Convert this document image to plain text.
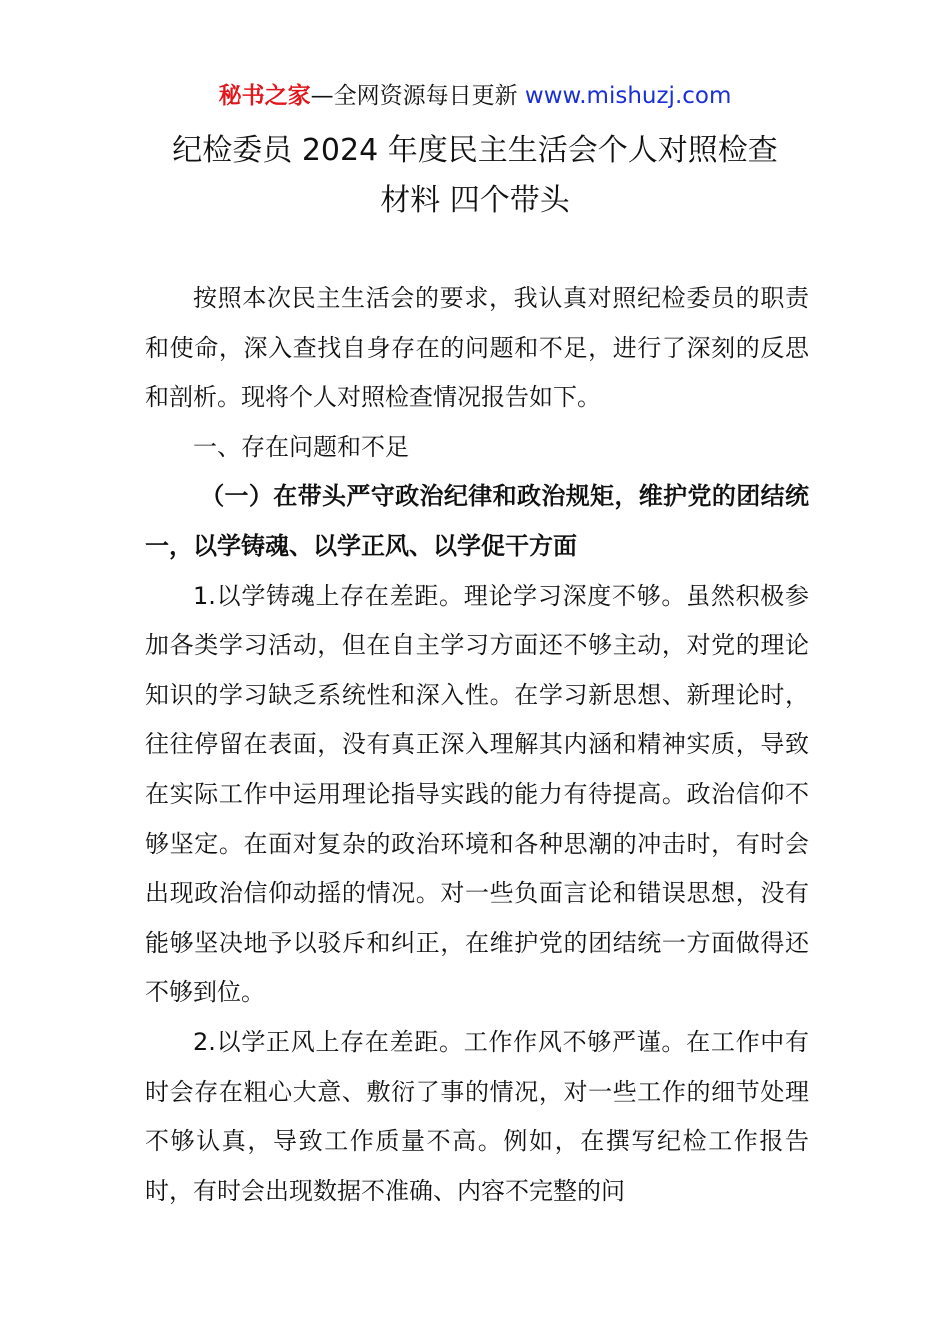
秘书之家—全网资源每日更新 www.mishuzj.com
纪检委员 2024 年度民主生活会个人对照检查
材料 四个带头

按照本次民主生活会的要求，我认真对照纪检委员的职责和使命，深入查找自身存在的问题和不足，进行了深刻的反思和剖析。现将个人对照检查情况报告如下。

一、存在问题和不足

（一）在带头严守政治纪律和政治规矩，维护党的团结统一，以学铸魂、以学正风、以学促干方面

1.以学铸魂上存在差距。理论学习深度不够。虽然积极参加各类学习活动，但在自主学习方面还不够主动，对党的理论知识的学习缺乏系统性和深入性。在学习新思想、新理论时，往往停留在表面，没有真正深入理解其内涵和精神实质，导致在实际工作中运用理论指导实践的能力有待提高。政治信仰不够坚定。在面对复杂的政治环境和各种思潮的冲击时，有时会出现政治信仰动摇的情况。对一些负面言论和错误思想，没有能够坚决地予以驳斥和纠正，在维护党的团结统一方面做得还不够到位。

2.以学正风上存在差距。工作作风不够严谨。在工作中有时会存在粗心大意、敷衍了事的情况，对一些工作的细节处理不够认真，导致工作质量不高。例如，在撰写纪检工作报告时，有时会出现数据不准确、内容不完整的问
